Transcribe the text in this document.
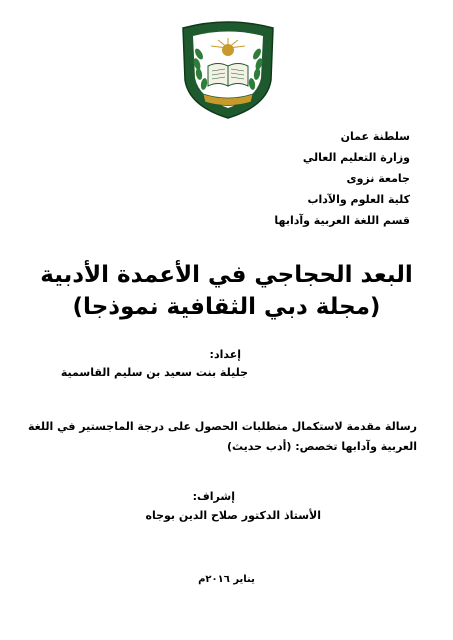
سلطنة عمان
وزارة التعليم العالي
جامعة نزوى
كلية العلوم والآداب
قسم اللغة العربية وآدابها
البعد الحجاجي في الأعمدة الأدبية
(مجلة دبي الثقافية نموذجا)
إعداد:
جليلة بنت سعيد بن سليم القاسمية
رسالة مقدمة لاستكمال متطلبات الحصول على درجة الماجستير في اللغة
العربية وآدابها تخصص: (أدب حديث)
إشراف:
الأستاذ الدكتور صلاح الدين بوجاه
يناير ٢٠١٦م
